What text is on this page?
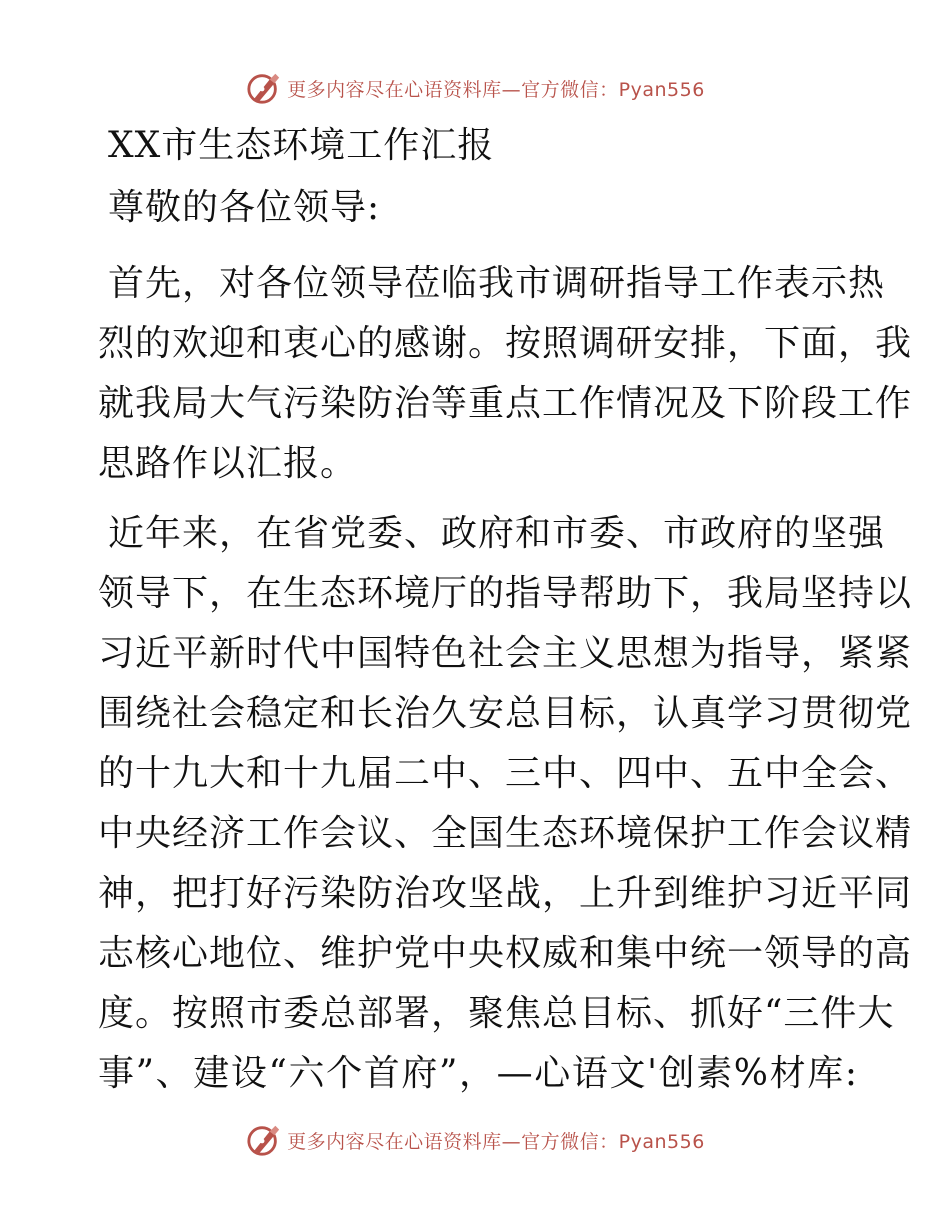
更多内容尽在心语资料库—官方微信：Pyan556
XX市生态环境工作汇报

尊敬的各位领导:

首先，对各位领导莅临我市调研指导工作表示热
烈的欢迎和衷心的感谢。按照调研安排，下面，我
就我局大气污染防治等重点工作情况及下阶段工作
思路作以汇报。
近年来，在省党委、政府和市委、市政府的坚强
领导下，在生态环境厅的指导帮助下，我局坚持以
习近平新时代中国特色社会主义思想为指导，紧紧
围绕社会稳定和长治久安总目标，认真学习贯彻党
的十九大和十九届二中、三中、四中、五中全会、
中央经济工作会议、全国生态环境保护工作会议精
神，把打好污染防治攻坚战，上升到维护习近平同
志核心地位、维护党中央权威和集中统一领导的高
度。按照市委总部署，聚焦总目标、抓好“三件大
事”、建设“六个首府”，—心语文'创素%材库:
更多内容尽在心语资料库—官方微信：Pyan556
